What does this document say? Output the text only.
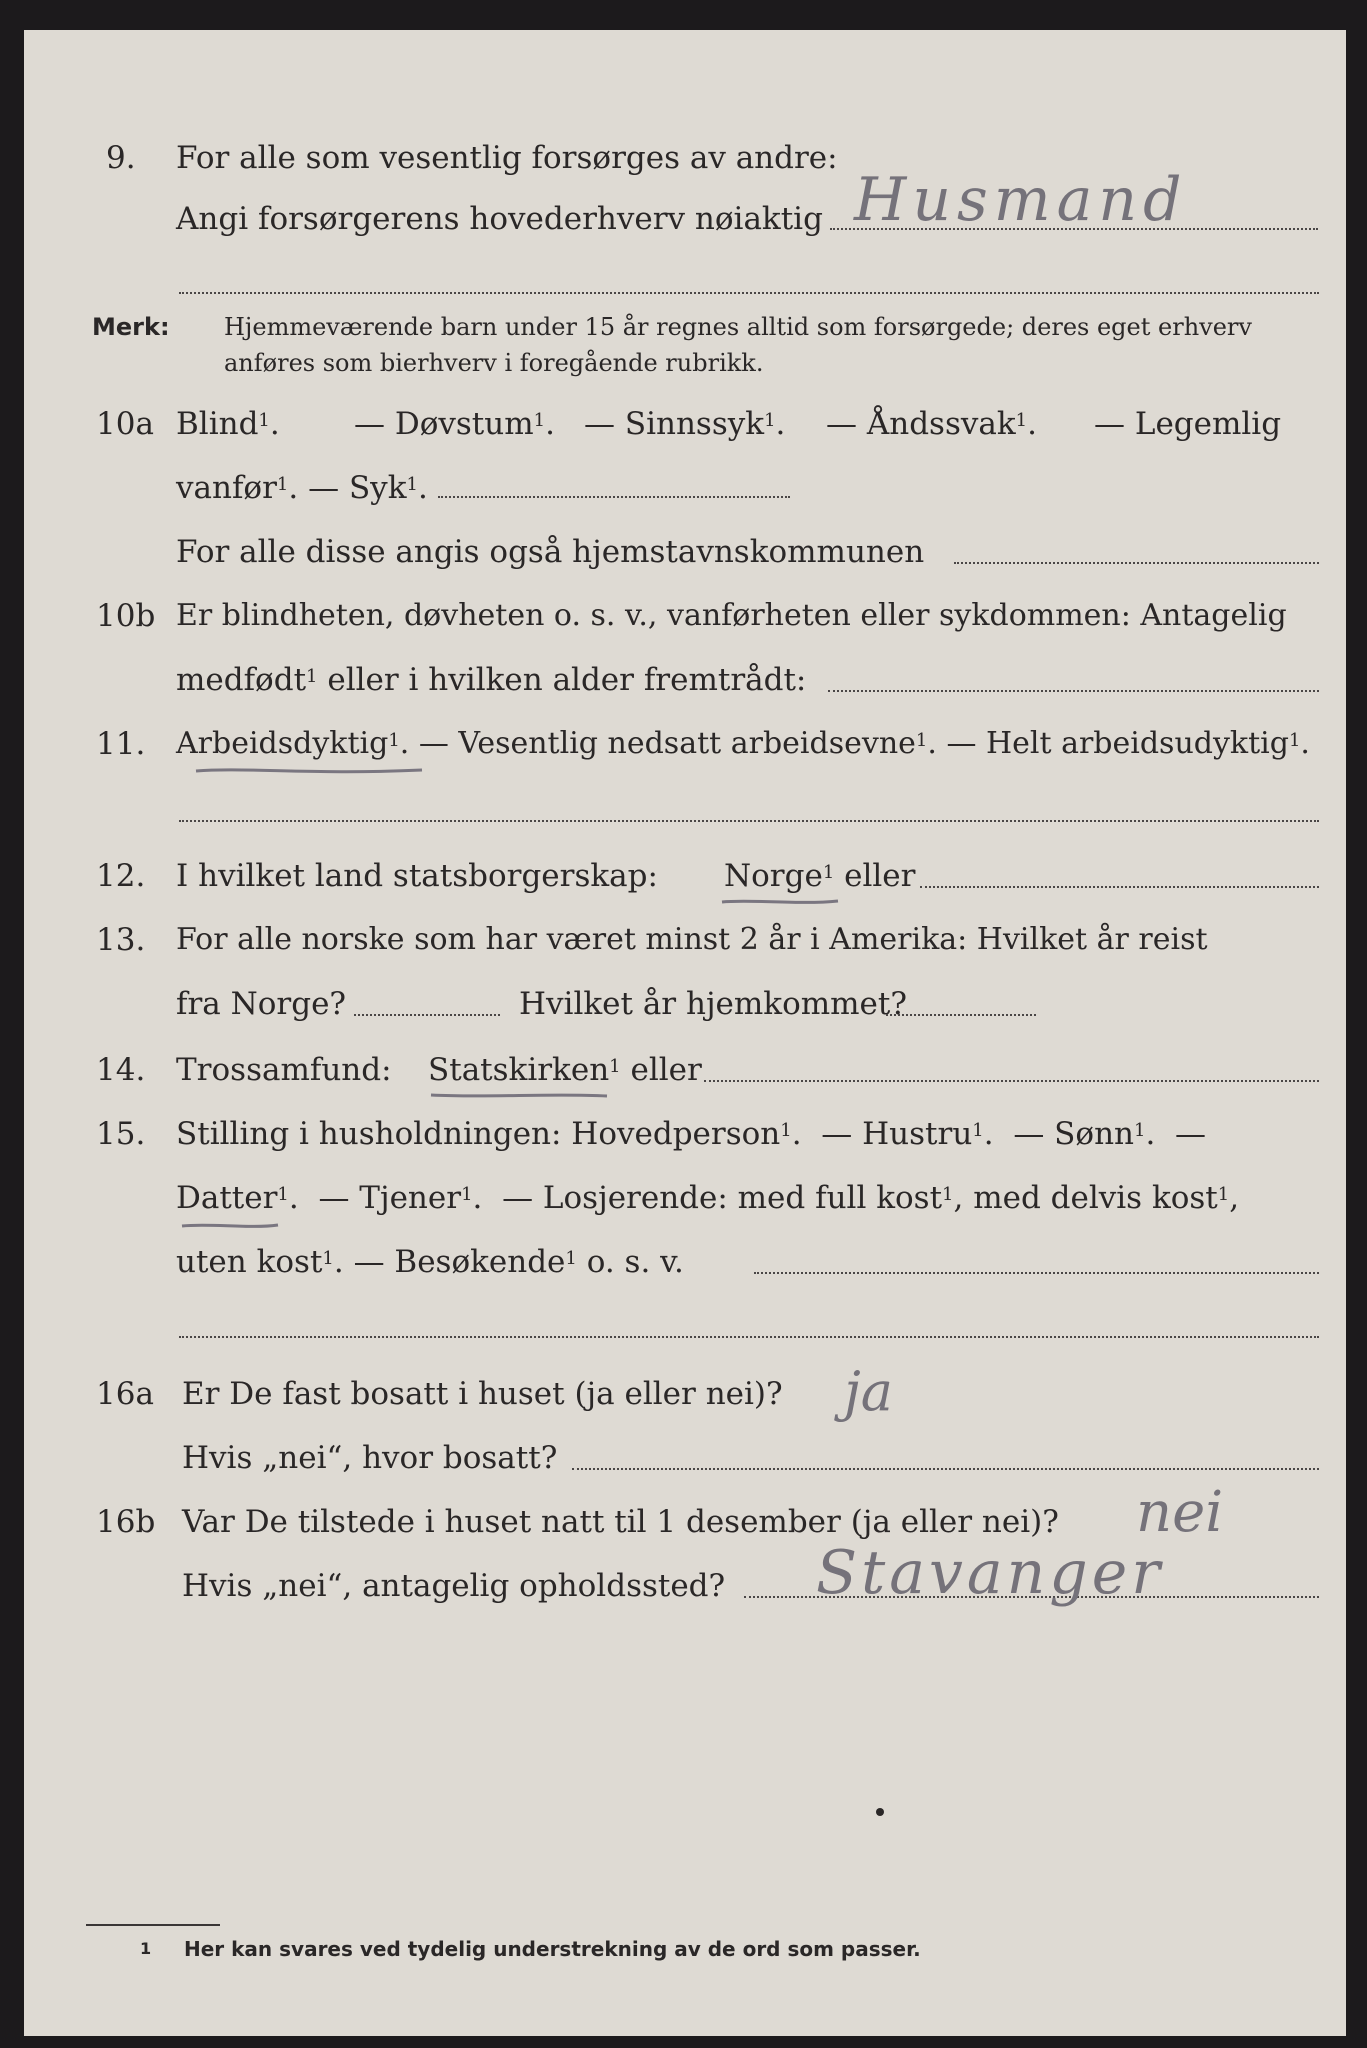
9. For alle som vesentlig forsørges av andre:
Angi forsørgerens hovederhverv nøiaktig Husmand
Merk: Hjemmeværende barn under 15 år regnes alltid som forsørgede; deres eget erhverv
anføres som bierhverv i foregående rubrikk.
10a Blind$^1$. — Døvstum$^1$. — Sinnssyk$^1$. — Åndssvak$^1$. — Legemlig
vanfør$^1$. — Syk$^1$.
For alle disse angis også hjemstavnskommunen
10b Er blindheten, døvheten o. s. v., vanførheten eller sykdommen: Antagelig
medfødt$^1$ eller i hvilken alder fremtrådt:
11. Arbeidsdyktig$^1$. — Vesentlig nedsatt arbeidsevne$^1$. — Helt arbeidsudyktig$^1$.
12. I hvilket land statsborgerskap: Norge$^1$ eller
13. For alle norske som har været minst 2 år i Amerika: Hvilket år reist
fra Norge?	Hvilket år hjemkommet?
14. Trossamfund: Statskirken$^1$ eller
15. Stilling i husholdningen: Hovedperson$^1$.  — Hustru$^1$.  — Sønn$^1$.  —
Datter$^1$.  — Tjener$^1$.  — Losjerende: med full kost$^1$, med delvis kost$^1$,
uten kost$^1$. — Besøkende$^1$ o. s. v.
16a Er De fast bosatt i huset (ja eller nei)? ja
Hvis „nei“, hvor bosatt?
16b Var De tilstede i huset natt til 1 desember (ja eller nei)? nei
Hvis „nei“, antagelig opholdssted? Stavanger
1 Her kan svares ved tydelig understrekning av de ord som passer.
